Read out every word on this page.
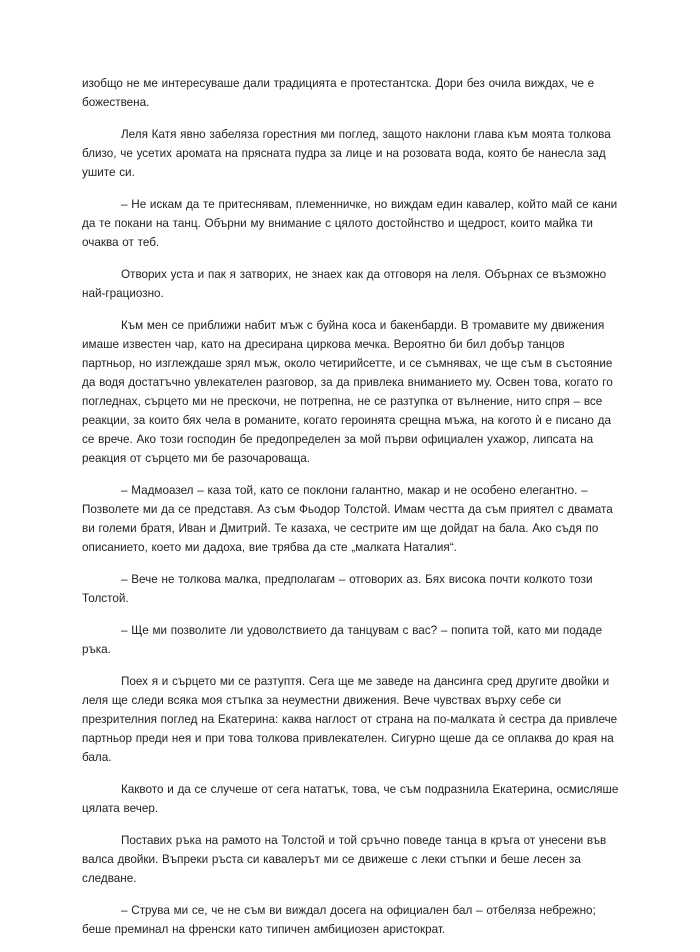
изобщо не ме интересуваше дали традицията е протестантска. Дори без очила виждах, че е божествена.

Леля Катя явно забеляза горестния ми поглед, защото наклони глава към моята толкова близо, че усетих аромата на прясната пудра за лице и на розовата вода, която бе нанесла зад ушите си.

– Не искам да те притеснявам, племенничке, но виждам един кавалер, който май се кани да те покани на танц. Обърни му внимание с цялото достойнство и щедрост, които майка ти очаква от теб.

Отворих уста и пак я затворих, не знаех как да отговоря на леля. Обърнах се възможно най-грациозно.

Към мен се приближи набит мъж с буйна коса и бакенбарди. В тромавите му движения имаше известен чар, като на дресирана циркова мечка. Вероятно би бил добър танцов партньор, но изглеждаше зрял мъж, около четирийсетте, и се съмнявах, че ще съм в състояние да водя достатъчно увлекателен разговор, за да привлека вниманието му. Освен това, когато го погледнах, сърцето ми не прескочи, не потрепна, не се разтупка от вълнение, нито спря – все реакции, за които бях чела в романите, когато героинята срещна мъжа, на когото ѝ е писано да се вречe. Ако този господин бе предопределен за мой първи официален ухажор, липсата на реакция от сърцето ми бе разочароваща.

– Мадмоазел – каза той, като се поклони галантно, макар и не особено елегантно. – Позволете ми да се представя. Аз съм Фьодор Толстой. Имам честта да съм приятел с двамата ви големи братя, Иван и Дмитрий. Те казаха, че сестрите им ще дойдат на бала. Ако съдя по описанието, което ми дадоха, вие трябва да сте „малката Наталия“.

– Вече не толкова малка, предполагам – отговорих аз. Бях висока почти колкото този Толстой.

– Ще ми позволите ли удоволствието да танцувам с вас? – попита той, като ми подаде ръка.

Поех я и сърцето ми се разтуптя. Сега ще ме заведе на дансинга сред другите двойки и леля ще следи всяка моя стъпка за неуместни движения. Вече чувствах върху себе си презрителния поглед на Екатерина: каква наглост от страна на по-малката ѝ сестра да привлече партньор преди нея и при това толкова привлекателен. Сигурно щеше да се оплаква до края на бала.

Каквото и да се случеше от сега нататък, това, че съм подразнила Екатерина, осмисляше цялата вечер.

Поставих ръка на рамото на Толстой и той сръчно поведе танца в кръга от унесени във валса двойки. Въпреки ръста си кавалерът ми се движеше с леки стъпки и беше лесен за следване.

– Струва ми се, че не съм ви виждал досега на официален бал – отбеляза небрежно; беше преминал на френски като типичен амбициозен аристократ.
